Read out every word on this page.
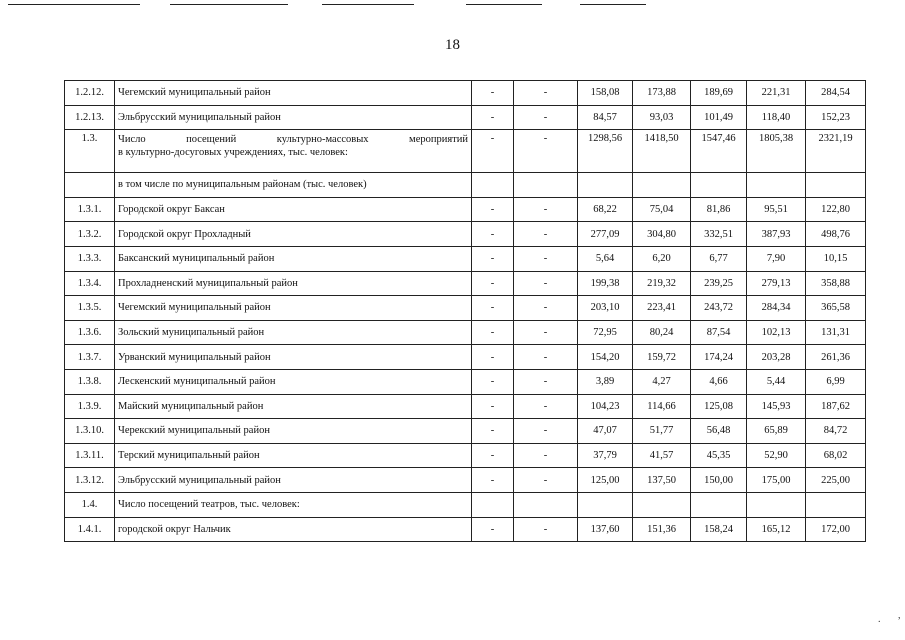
18
1.2.12.	Чегемский муниципальный район	-	-	158,08	173,88	189,69	221,31	284,54
1.2.13.	Эльбрусский муниципальный район	-	-	84,57	93,03	101,49	118,40	152,23
1.3.	Число посещений культурно-массовых мероприятий
в культурно-досуговых учреждениях, тыс. человек:	-	-	1298,56	1418,50	1547,46	1805,38	2321,19
	в том числе по муниципальным районам (тыс. человек)							
1.3.1.	Городской округ Баксан	-	-	68,22	75,04	81,86	95,51	122,80
1.3.2.	Городской округ Прохладный	-	-	277,09	304,80	332,51	387,93	498,76
1.3.3.	Баксанский муниципальный район	-	-	5,64	6,20	6,77	7,90	10,15
1.3.4.	Прохладненский муниципальный район	-	-	199,38	219,32	239,25	279,13	358,88
1.3.5.	Чегемский муниципальный район	-	-	203,10	223,41	243,72	284,34	365,58
1.3.6.	Зольский муниципальный район	-	-	72,95	80,24	87,54	102,13	131,31
1.3.7.	Урванский муниципальный район	-	-	154,20	159,72	174,24	203,28	261,36
1.3.8.	Лескенский муниципальный район	-	-	3,89	4,27	4,66	5,44	6,99
1.3.9.	Майский муниципальный район	-	-	104,23	114,66	125,08	145,93	187,62
1.3.10.	Черекский муниципальный район	-	-	47,07	51,77	56,48	65,89	84,72
1.3.11.	Терский муниципальный район	-	-	37,79	41,57	45,35	52,90	68,02
1.3.12.	Эльбрусский муниципальный район	-	-	125,00	137,50	150,00	175,00	225,00
1.4.	Число посещений театров, тыс. человек:							
1.4.1.	городской округ Нальчик	-	-	137,60	151,36	158,24	165,12	172,00
. ,
